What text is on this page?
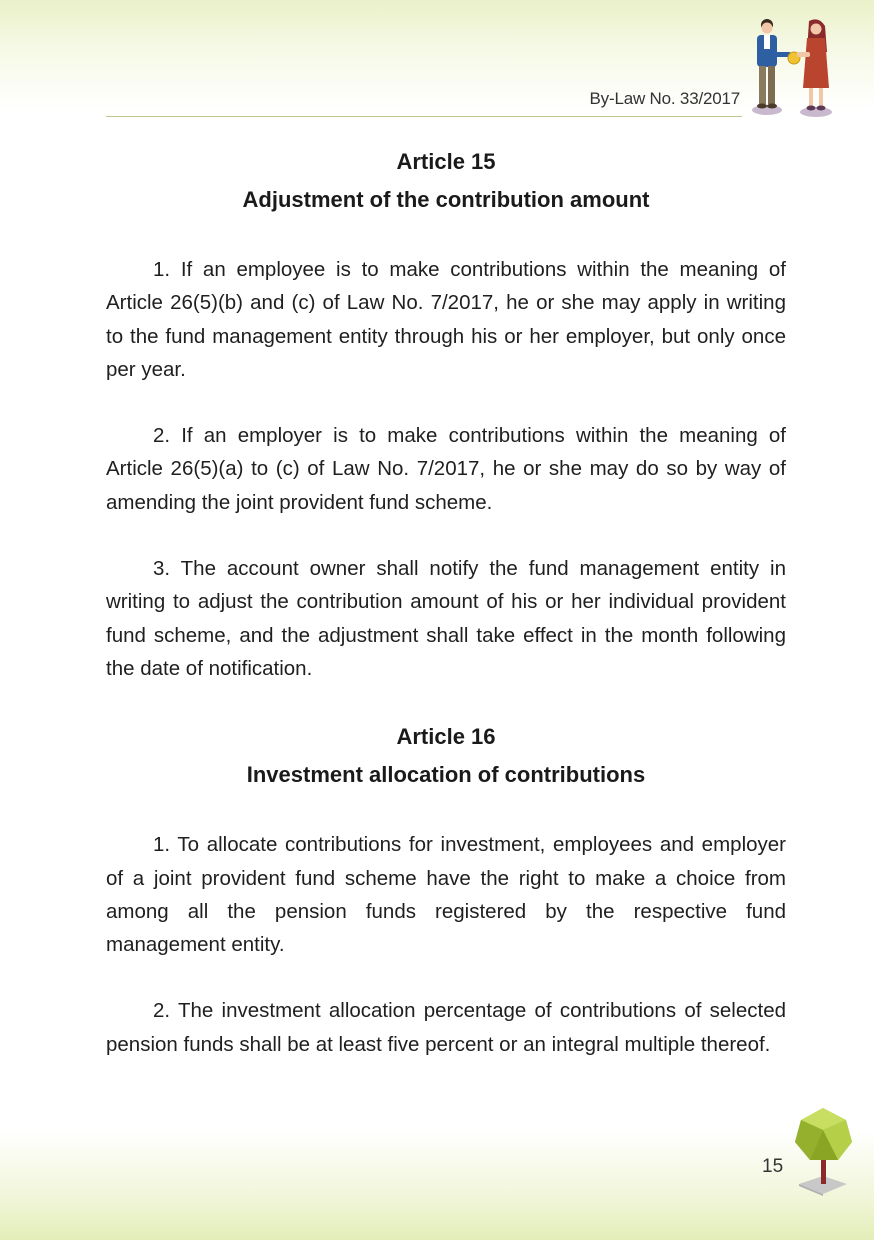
By-Law No. 33/2017
Article 15
Adjustment of the contribution amount

1. If an employee is to make contributions within the meaning of Article 26(5)(b) and (c) of Law No. 7/2017, he or she may apply in writing to the fund management entity through his or her employer, but only once per year.

2. If an employer is to make contributions within the meaning of Article 26(5)(a) to (c) of Law No. 7/2017, he or she may do so by way of amending the joint provident fund scheme.

3. The account owner shall notify the fund management entity in writing to adjust the contribution amount of his or her individual provident fund scheme, and the adjustment shall take effect in the month following the date of notification.

Article 16
Investment allocation of contributions

1. To allocate contributions for investment, employees and employer of a joint provident fund scheme have the right to make a choice from among all the pension funds registered by the respective fund management entity.

2. The investment allocation percentage of contributions of selected pension funds shall be at least five percent or an integral multiple thereof.

15
